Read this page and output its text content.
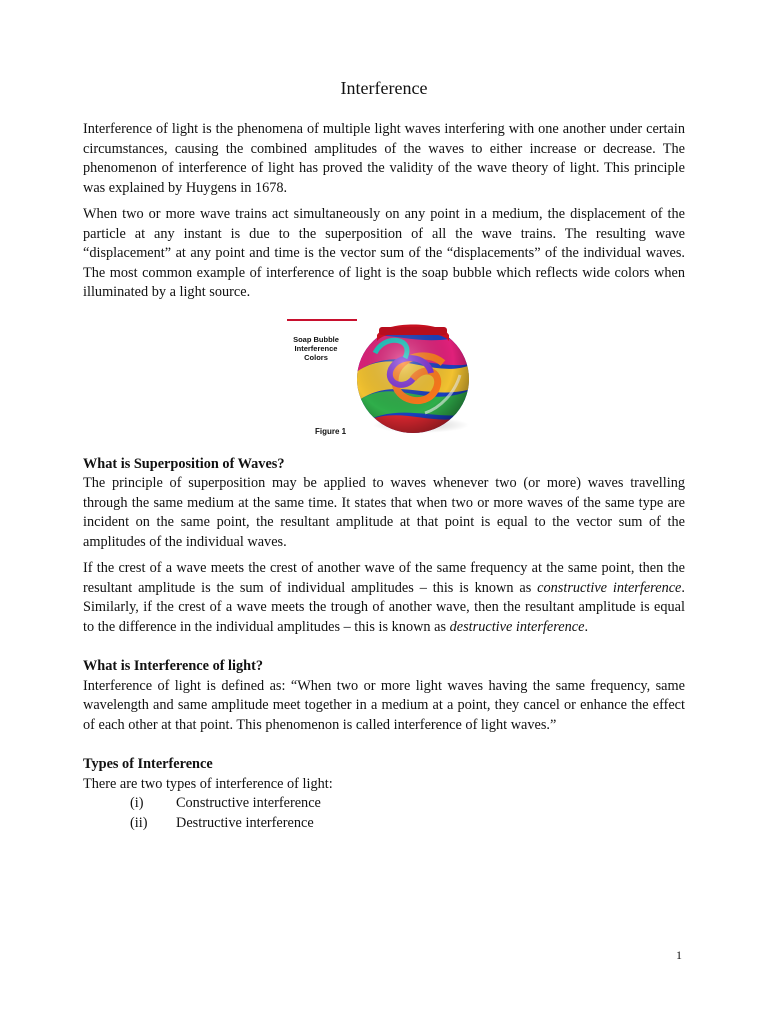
Interference

Interference of light is the phenomena of multiple light waves interfering with one another under certain circumstances, causing the combined amplitudes of the waves to either increase or decrease. The phenomenon of interference of light has proved the validity of the wave theory of light. This principle was explained by Huygens in 1678.

When two or more wave trains act simultaneously on any point in a medium, the displacement of the particle at any instant is due to the superposition of all the wave trains. The resulting wave “displacement” at any point and time is the vector sum of the “displacements” of the individual waves. The most common example of interference of light is the soap bubble which reflects wide colors when illuminated by a light source.

Soap Bubble
Interference
Colors
Figure 1

What is Superposition of Waves?

The principle of superposition may be applied to waves whenever two (or more) waves travelling through the same medium at the same time. It states that when two or more waves of the same type are incident on the same point, the resultant amplitude at that point is equal to the vector sum of the amplitudes of the individual waves.

If the crest of a wave meets the crest of another wave of the same frequency at the same point, then the resultant amplitude is the sum of individual amplitudes – this is known as constructive interference. Similarly, if the crest of a wave meets the trough of another wave, then the resultant amplitude is equal to the difference in the individual amplitudes – this is known as destructive interference.

What is Interference of light?

Interference of light is defined as: “When two or more light waves having the same frequency, same wavelength and same amplitude meet together in a medium at a point, they cancel or enhance the effect of each other at that point. This phenomenon is called interference of light waves.”

Types of Interference

There are two types of interference of light:

(i)	Constructive interference
(ii)	Destructive interference
1
